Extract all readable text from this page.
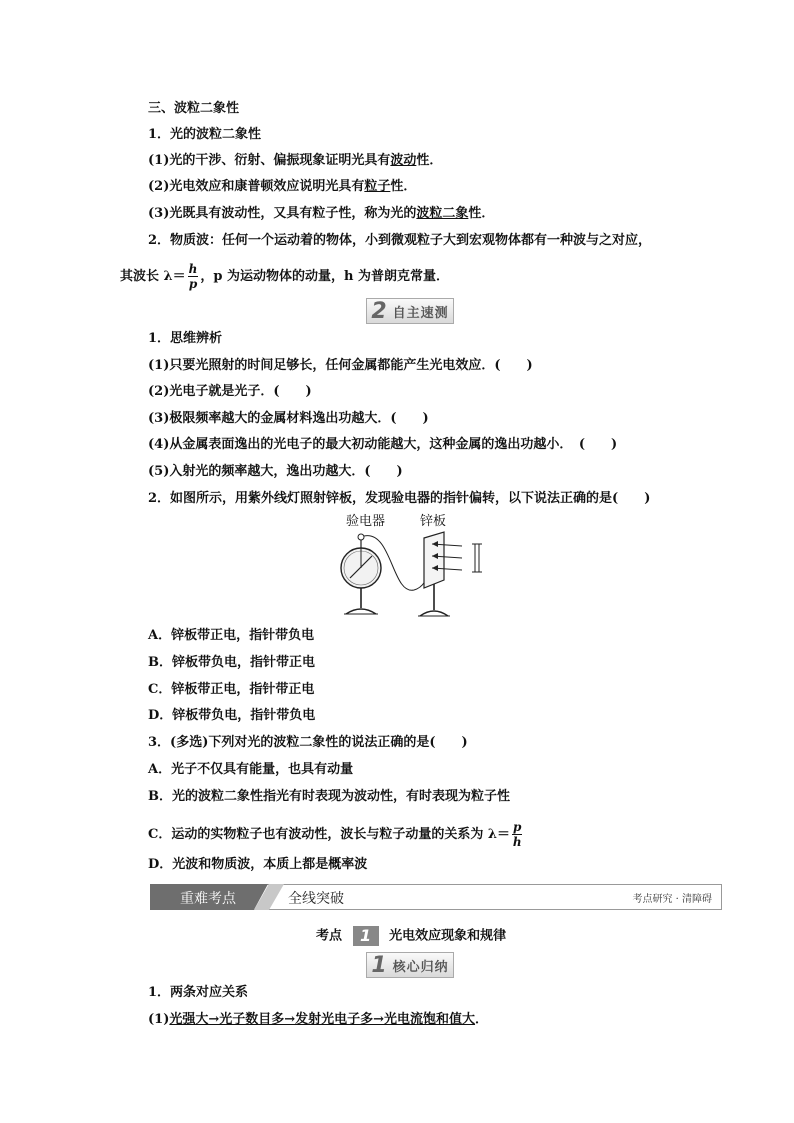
三、波粒二象性
1．光的波粒二象性
(1)光的干涉、衍射、偏振现象证明光具有波动性．
(2)光电效应和康普顿效应说明光具有粒子性．
(3)光既具有波动性，又具有粒子性，称为光的波粒二象性．
2．物质波：任何一个运动着的物体，小到微观粒子大到宏观物体都有一种波与之对应，
其波长 $\lambda= \frac{h}{p}$ ，p 为运动物体的动量，h 为普朗克常量．
2 自主速测
1．思维辨析
(1)只要光照射的时间足够长，任何金属都能产生光电效应．(　　)
(2)光电子就是光子．(　　)
(3)极限频率越大的金属材料逸出功越大．(　　)
(4)从金属表面逸出的光电子的最大初动能越大，这种金属的逸出功越小．　(　　)
(5)入射光的频率越大，逸出功越大．(　　)
2．如图所示，用紫外线灯照射锌板，发现验电器的指针偏转，以下说法正确的是(　　)
验电器	锌板
A．锌板带正电，指针带负电
B．锌板带负电，指针带正电
C．锌板带正电，指针带正电
D．锌板带负电，指针带负电
3．(多选)下列对光的波粒二象性的说法正确的是(　　)
A．光子不仅具有能量，也具有动量
B．光的波粒二象性指光有时表现为波动性，有时表现为粒子性
C．运动的实物粒子也有波动性，波长与粒子动量的关系为 $\lambda= \frac{p}{h}$
D．光波和物质波，本质上都是概率波
重难考点	全线突破	考点研究 · 清障碍
考点 1 光电效应现象和规律
1 核心归纳
1．两条对应关系
(1)光强大→光子数目多→发射光电子多→光电流饱和值大．
